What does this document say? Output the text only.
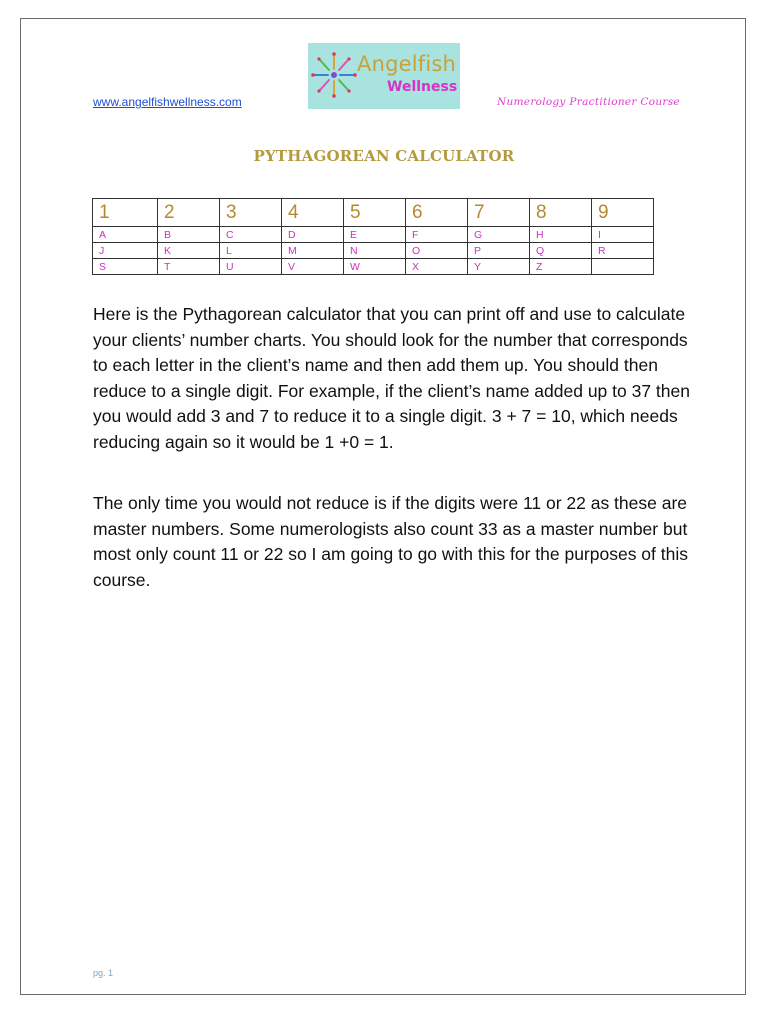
Angelfish
Wellness
www.angelfishwellness.com	Numerology Practitioner Course
PYTHAGOREAN CALCULATOR
1	2	3	4	5	6	7	8	9
A	B	C	D	E	F	G	H	I
J	K	L	M	N	O	P	Q	R
S	T	U	V	W	X	Y	Z	

Here is the Pythagorean calculator that you can print off and use to calculate your clients’ number charts. You should look for the number that corresponds to each letter in the client’s name and then add them up. You should then reduce to a single digit. For example, if the client’s name added up to 37 then you would add 3 and 7 to reduce it to a single digit. 3 + 7 = 10, which needs reducing again so it would be 1 +0 = 1.

The only time you would not reduce is if the digits were 11 or 22 as these are master numbers. Some numerologists also count 33 as a master number but most only count 11 or 22 so I am going to go with this for the purposes of this course.

pg. 1
